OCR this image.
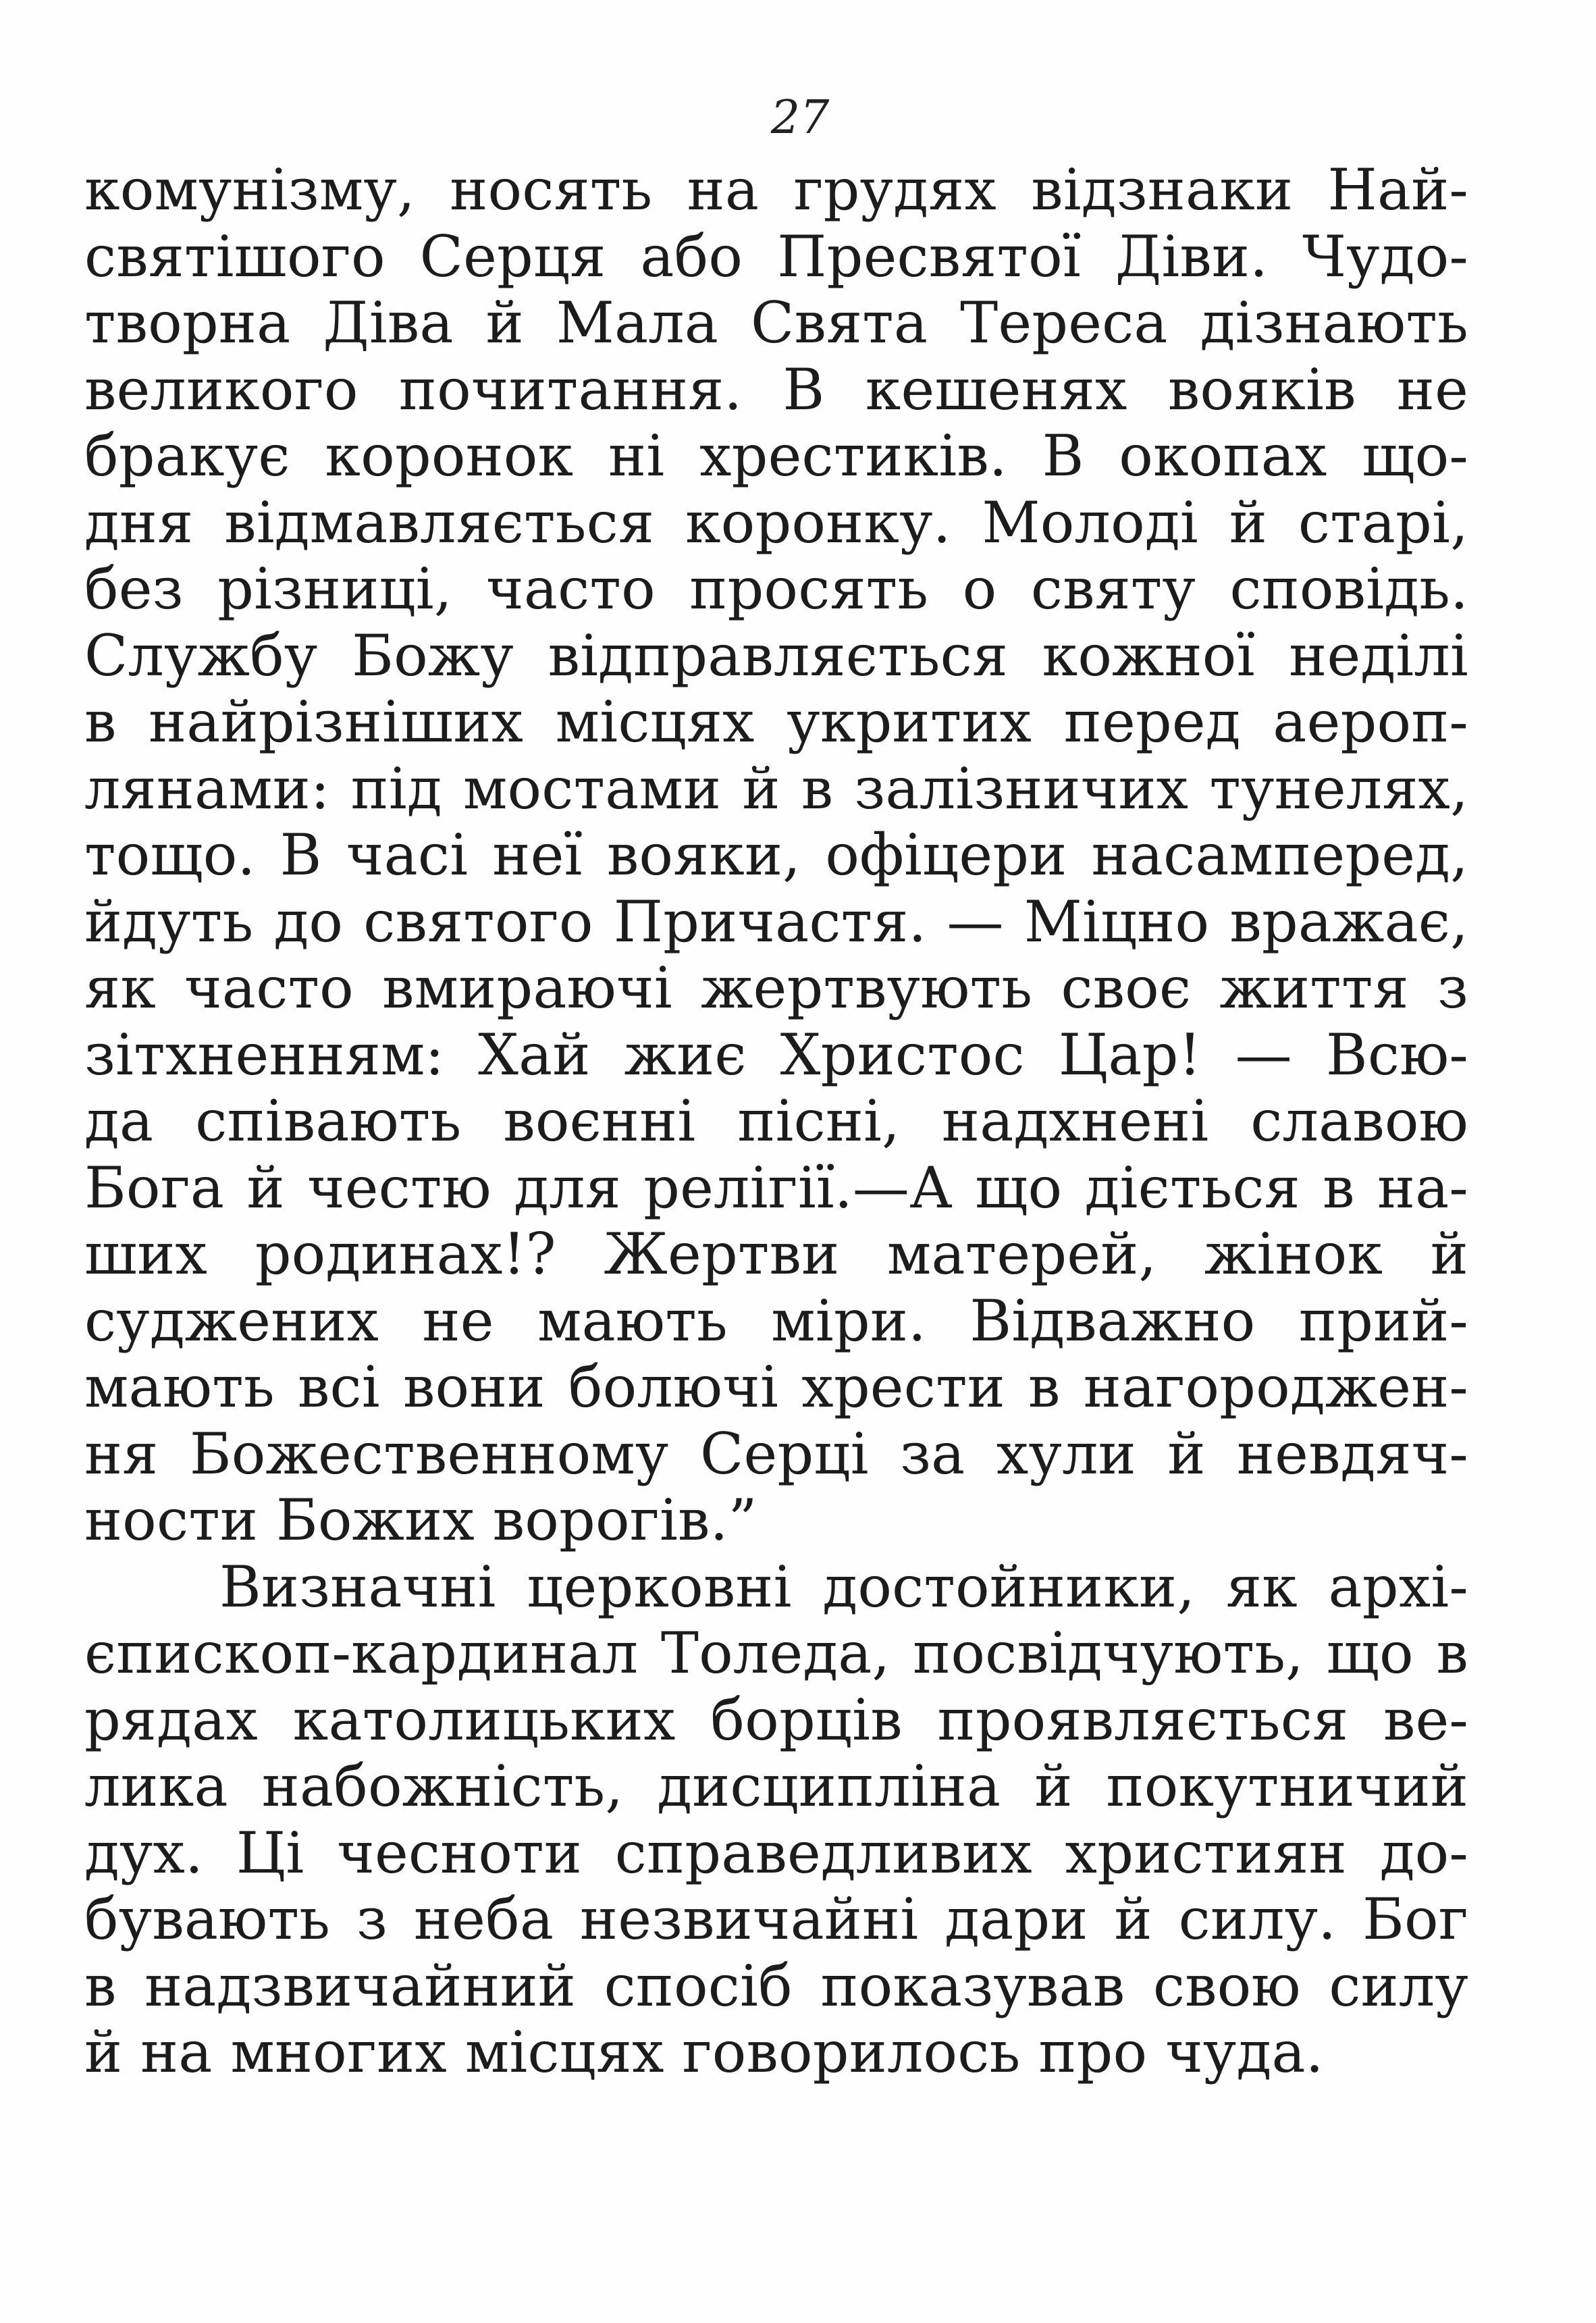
27
комунізму, носять на грудях відзнаки Най-
святішого Серця або Пресвятої Діви. Чудо-
творна Діва й Мала Свята Тереса дізнають
великого почитання. В кешенях вояків не
бракує коронок ні хрестиків. В окопах що-
дня відмавляється коронку. Молоді й старі,
без різниці, часто просять о святу сповідь.
Службу Божу відправляється кожної неділі
в найрізніших місцях укритих перед аероп-
лянами: під мостами й в залізничих тунелях,
тощо. В часі неї вояки, офіцери насамперед,
йдуть до святого Причастя. — Міцно вражає,
як часто вмираючі жертвують своє життя з
зітхненням: Хай жиє Христос Цар! — Всю-
да співають воєнні пісні, надхнені славою
Бога й честю для релігії.—А що діється в на-
ших родинах!? Жертви матерей, жінок й
суджених не мають міри. Відважно прий-
мають всі вони болючі хрести в нагороджен-
ня Божественному Серці за хули й невдяч-
ности Божих ворогів.”
Визначні церковні достойники, як архі-
єпископ-кардинал Толеда, посвідчують, що в
рядах католицьких борців проявляється ве-
лика набожність, дисципліна й покутничий
дух. Ці чесноти справедливих християн до-
бувають з неба незвичайні дари й силу. Бог
в надзвичайний спосіб показував свою силу
й на многих місцях говорилось про чуда.
